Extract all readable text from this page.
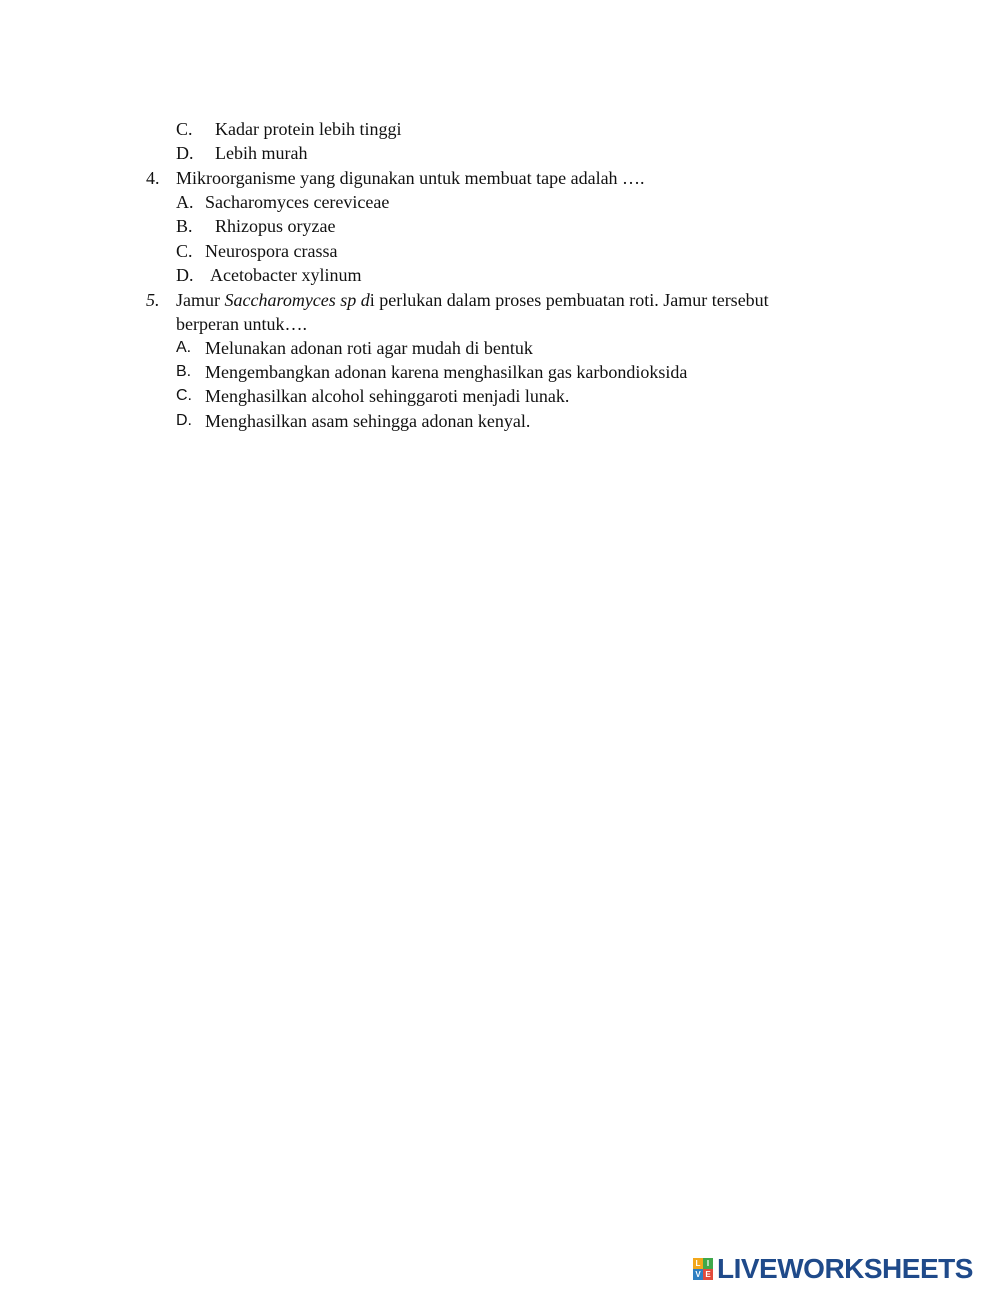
C. Kadar protein lebih tinggi
D. Lebih murah
4. Mikroorganisme yang digunakan untuk membuat tape adalah ….
A. Sacharomyces cereviceae
B. Rhizopus oryzae
C. Neurospora crassa
D. Acetobacter xylinum
5. Jamur Saccharomyces sp di perlukan dalam proses pembuatan roti. Jamur tersebut
berperan untuk….
A. Melunakan adonan roti agar mudah di bentuk
B. Mengembangkan adonan karena menghasilkan gas karbondioksida
C. Menghasilkan alcohol sehinggaroti menjadi lunak.
D. Menghasilkan asam sehingga adonan kenyal.
L I
V E LIVEWORKSHEETS
